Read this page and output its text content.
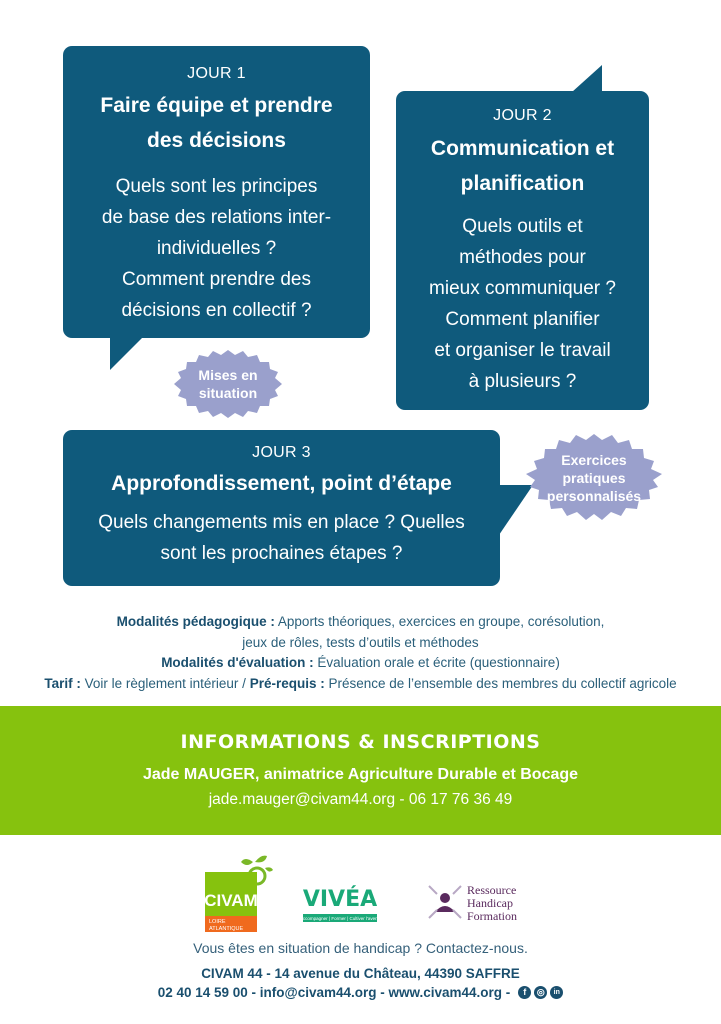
JOUR 1
Faire équipe et prendre
des décisions
Quels sont les principes
de base des relations inter-
individuelles ?
Comment prendre des
décisions en collectif ?
JOUR 2
Communication et
planification
Quels outils et
méthodes pour
mieux communiquer ?
Comment planifier
et organiser le travail
à plusieurs ?
Mises en
situation
JOUR 3
Approfondissement, point d’étape
Quels changements mis en place ? Quelles
sont les prochaines étapes ?
Exercices
pratiques
personnalisés
Modalités pédagogique : Apports théoriques, exercices en groupe, corésolution,
jeux de rôles, tests d’outils et méthodes
Modalités d'évaluation : Évaluation orale et écrite (questionnaire)
Tarif : Voir le règlement intérieur / Pré-requis : Présence de l’ensemble des membres du collectif agricole
INFORMATIONS & INSCRIPTIONS
Jade MAUGER, animatrice Agriculture Durable et Bocage
jade.mauger@civam44.org - 06 17 76 36 49
CIVAM
LOIRE
ATLANTIQUE
VIVÉA
Accompagner | Former | Cultiver l'avenir
Ressource
Handicap
Formation
Vous êtes en situation de handicap ? Contactez-nous.
CIVAM 44 - 14 avenue du Château, 44390 SAFFRE
02 40 14 59 00 - info@civam44.org - www.civam44.org -	f	◎	in
